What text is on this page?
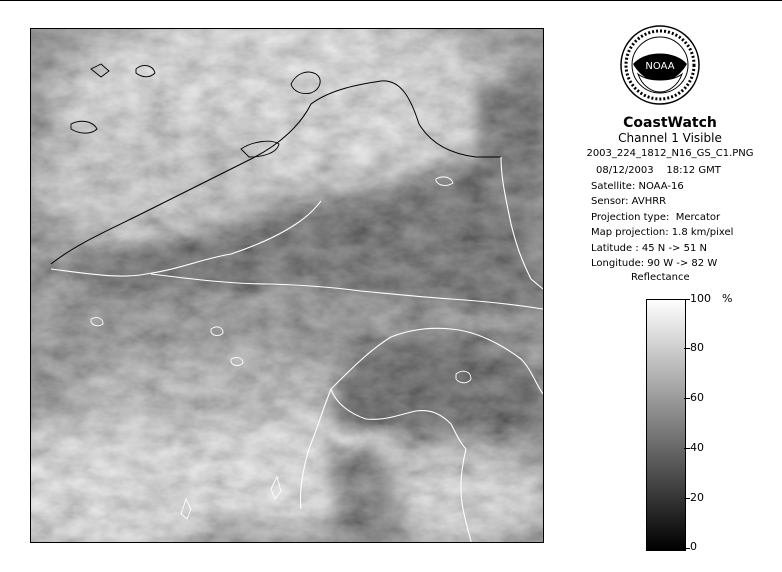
NOAA
CoastWatch
Channel 1 Visible
2003_224_1812_N16_GS_C1.PNG
08/12/2003    18:12 GMT
Satellite: NOAA-16
Sensor: AVHRR
Projection type:  Mercator
Map projection: 1.8 km/pixel
Latitude : 45 N -> 51 N
Longitude: 90 W -> 82 W
Reflectance
%
100
80
60
40
20
0
